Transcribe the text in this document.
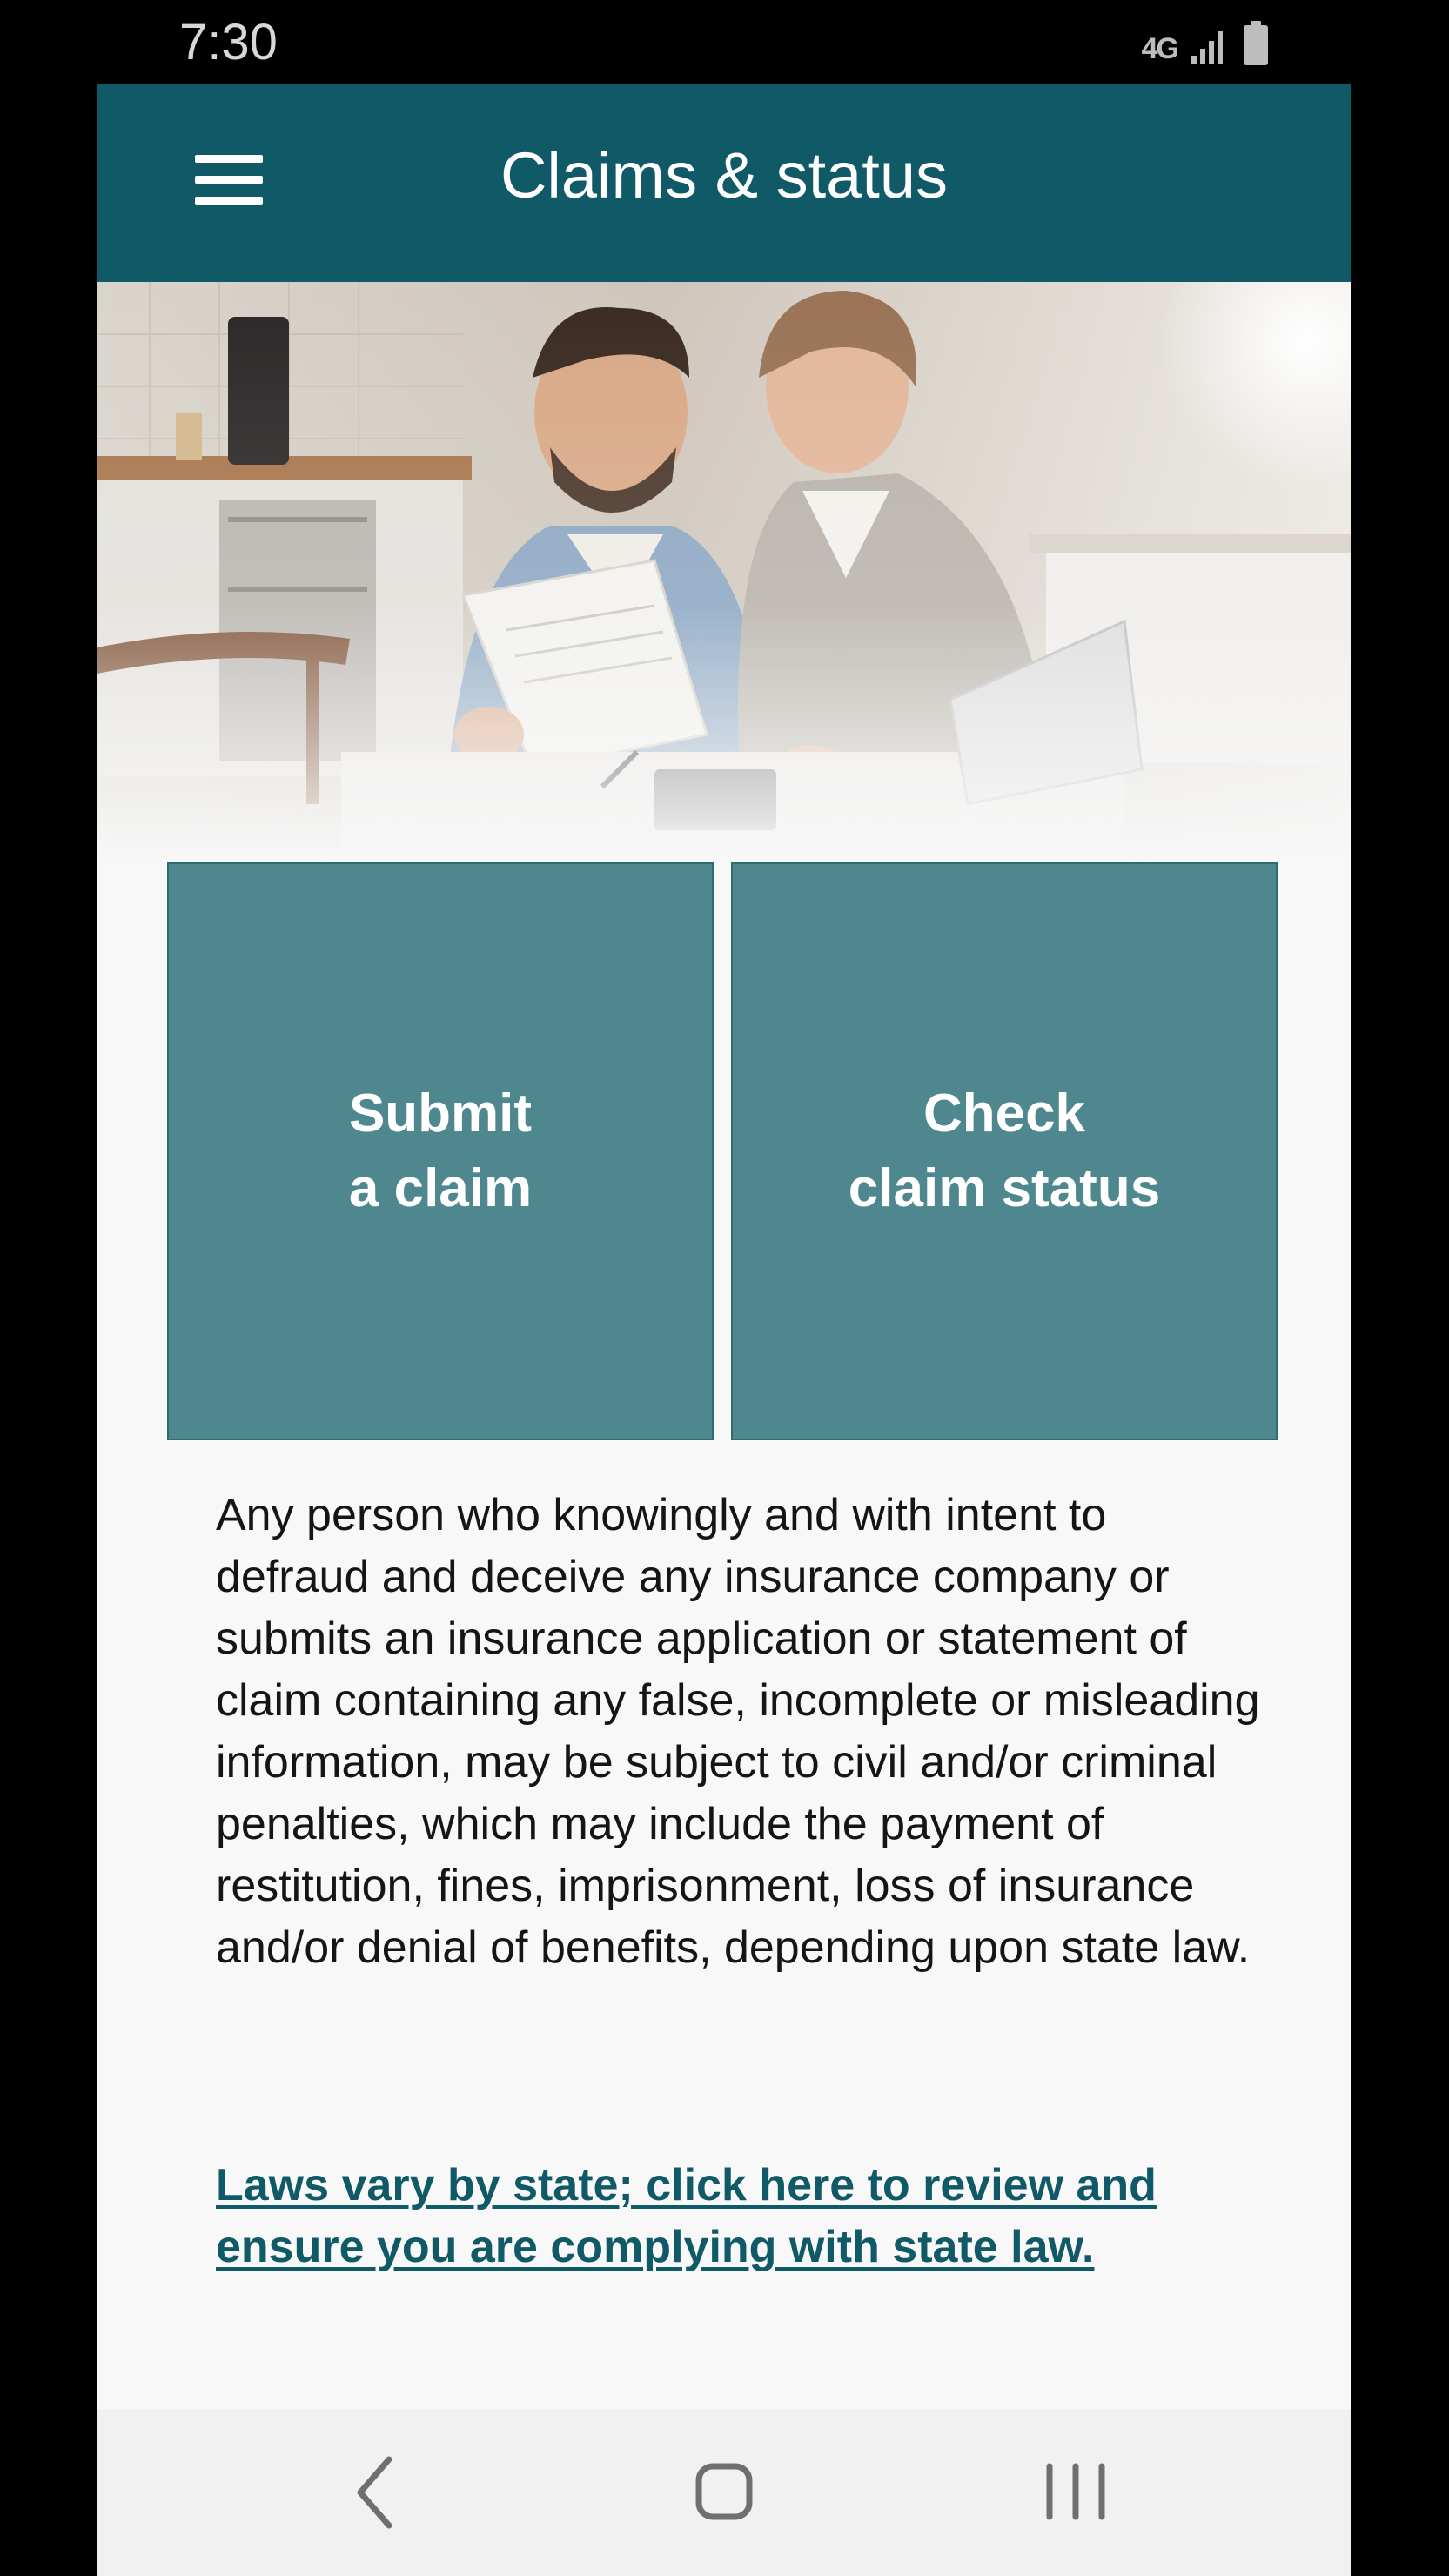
7:30	4G
Claims & status
Submit
a claim
Check
claim status

Any person who knowingly and with intent to defraud and deceive any insurance company or submits an insurance application or statement of claim containing any false, incomplete or misleading information, may be subject to civil and/or criminal penalties, which may include the payment of restitution, fines, imprisonment, loss of insurance and/or denial of benefits, depending upon state law.

Laws vary by state; click here to review and ensure you are complying with state law.
